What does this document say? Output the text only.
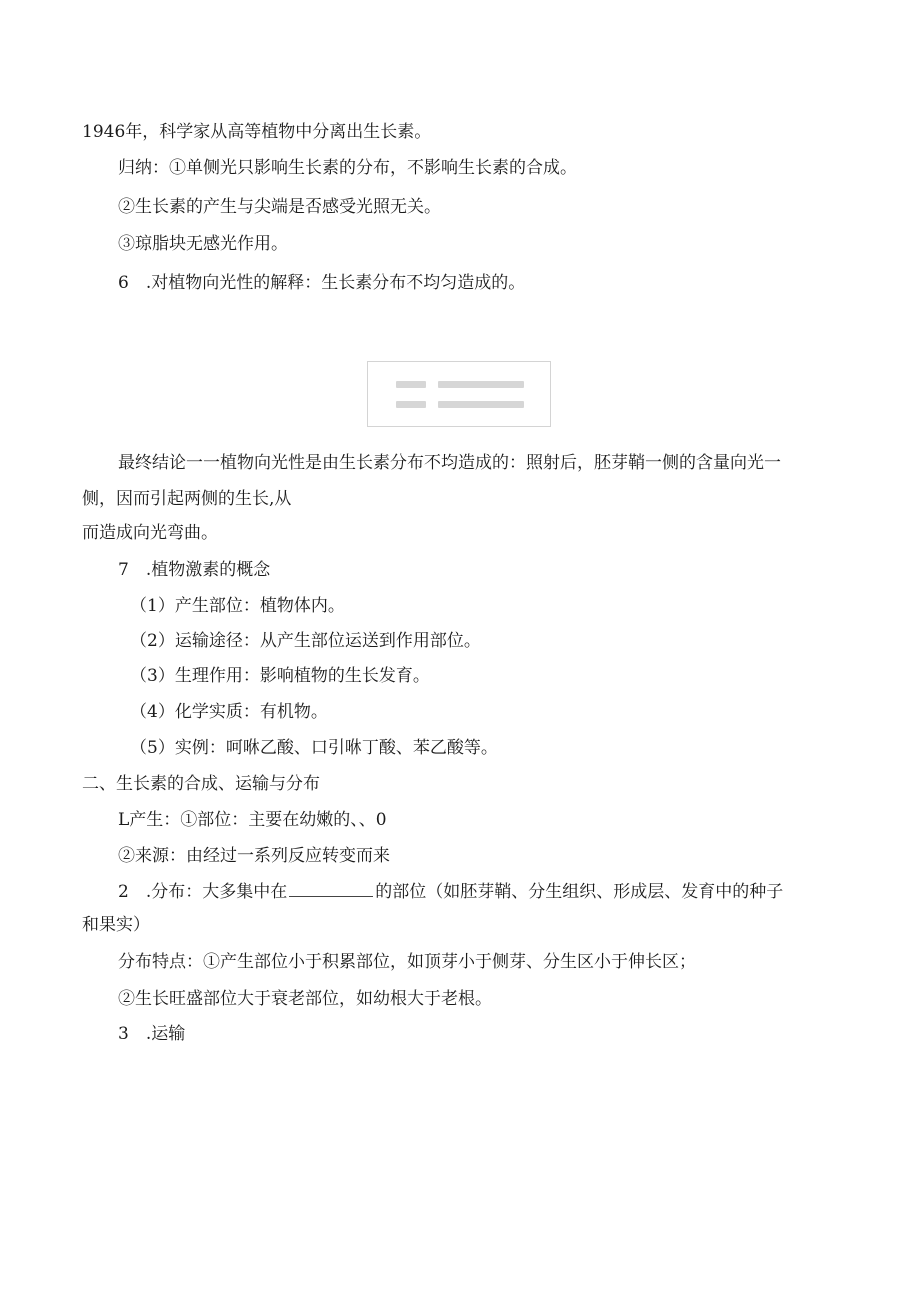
1946年，科学家从高等植物中分离出生长素。
归纳：①单侧光只影响生长素的分布，不影响生长素的合成。
②生长素的产生与尖端是否感受光照无关。
③琼脂块无感光作用。
6　.对植物向光性的解释：生长素分布不均匀造成的。
最终结论一一植物向光性是由生长素分布不均造成的：照射后，胚芽鞘一侧的含量向光一
侧，因而引起两侧的生长,从
而造成向光弯曲。
7　.植物激素的概念
（1）产生部位：植物体内。
（2）运输途径：从产生部位运送到作用部位。
（3）生理作用：影响植物的生长发育。
（4）化学实质：有机物。
（5）实例：呵咻乙酸、口引咻丁酸、苯乙酸等。
二、生长素的合成、运输与分布
L产生：①部位：主要在幼嫩的、、0
②来源：由经过一系列反应转变而来
2　.分布：大多集中在	的部位（如胚芽鞘、分生组织、形成层、发育中的种子
和果实）
分布特点：①产生部位小于积累部位，如顶芽小于侧芽、分生区小于伸长区；
②生长旺盛部位大于衰老部位，如幼根大于老根。
3　.运输
